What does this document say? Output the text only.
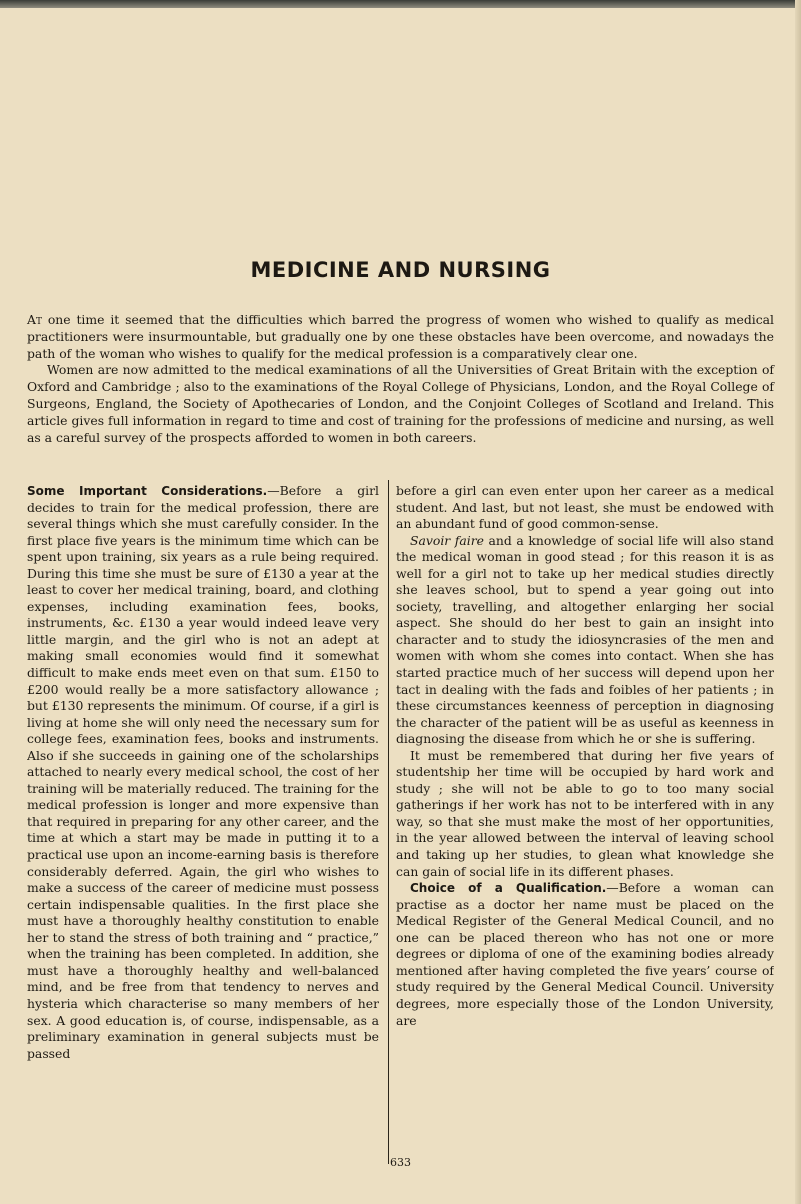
MEDICINE AND NURSING

At one time it seemed that the difficulties which barred the progress of women who wished to qualify as medical practitioners were insurmountable, but gradually one by one these obstacles have been overcome, and nowadays the path of the woman who wishes to qualify for the medical profession is a comparatively clear one.

Women are now admitted to the medical examinations of all the Universities of Great Britain with the exception of Oxford and Cambridge ; also to the examinations of the Royal College of Physicians, London, and the Royal College of Surgeons, England, the Society of Apothecaries of London, and the Conjoint Colleges of Scotland and Ireland. This article gives full information in regard to time and cost of training for the professions of medicine and nursing, as well as a careful survey of the prospects afforded to women in both careers.

Some Important Considerations.—Before a girl decides to train for the medical profession, there are several things which she must carefully consider. In the first place five years is the minimum time which can be spent upon training, six years as a rule being required. During this time she must be sure of £130 a year at the least to cover her medical training, board, and clothing expenses, including examination fees, books, instruments, &c. £130 a year would indeed leave very little margin, and the girl who is not an adept at making small economies would find it somewhat difficult to make ends meet even on that sum. £150 to £200 would really be a more satisfactory allowance ; but £130 represents the minimum. Of course, if a girl is living at home she will only need the necessary sum for college fees, examination fees, books and instruments. Also if she succeeds in gaining one of the scholarships attached to nearly every medical school, the cost of her training will be materially reduced. The training for the medical profession is longer and more expensive than that required in preparing for any other career, and the time at which a start may be made in putting it to a practical use upon an income-earning basis is therefore considerably deferred. Again, the girl who wishes to make a success of the career of medicine must possess certain indispensable qualities. In the first place she must have a thoroughly healthy constitution to enable her to stand the stress of both training and “ practice,” when the training has been completed. In addition, she must have a thoroughly healthy and well-balanced mind, and be free from that tendency to nerves and hysteria which characterise so many members of her sex. A good education is, of course, indispensable, as a preliminary examination in general subjects must be passed

before a girl can even enter upon her career as a medical student. And last, but not least, she must be endowed with an abundant fund of good common-sense.

Savoir faire and a knowledge of social life will also stand the medical woman in good stead ; for this reason it is as well for a girl not to take up her medical studies directly she leaves school, but to spend a year going out into society, travelling, and altogether enlarging her social aspect. She should do her best to gain an insight into character and to study the idiosyncrasies of the men and women with whom she comes into contact. When she has started practice much of her success will depend upon her tact in dealing with the fads and foibles of her patients ; in these circumstances keenness of perception in diagnosing the character of the patient will be as useful as keenness in diagnosing the disease from which he or she is suffering.

It must be remembered that during her five years of studentship her time will be occupied by hard work and study ; she will not be able to go to too many social gatherings if her work has not to be interfered with in any way, so that she must make the most of her opportunities, in the year allowed between the interval of leaving school and taking up her studies, to glean what knowledge she can gain of social life in its different phases.

Choice of a Qualification.—Before a woman can practise as a doctor her name must be placed on the Medical Register of the General Medical Council, and no one can be placed thereon who has not one or more degrees or diploma of one of the examining bodies already mentioned after having completed the five years’ course of study required by the General Medical Council. University degrees, more especially those of the London University, are

633
